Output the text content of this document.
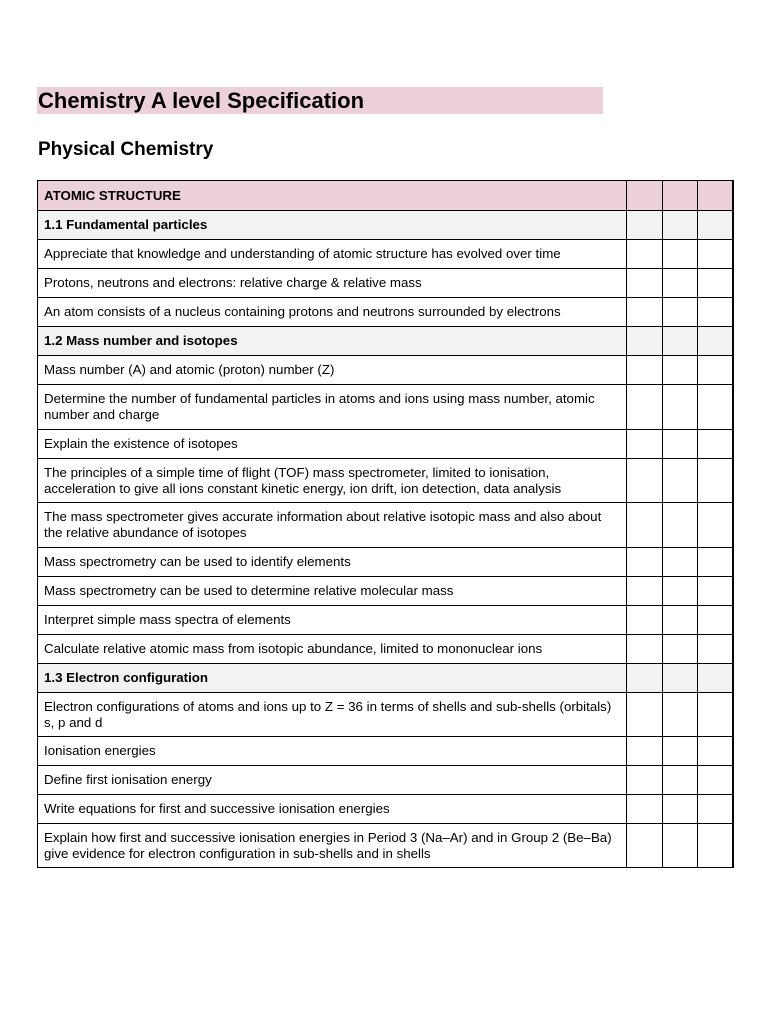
Chemistry A level Specification
Physical Chemistry
ATOMIC STRUCTURE			
1.1 Fundamental particles			
Appreciate that knowledge and understanding of atomic structure has evolved over time			
Protons, neutrons and electrons: relative charge & relative mass			
An atom consists of a nucleus containing protons and neutrons surrounded by electrons			
1.2 Mass number and isotopes			
Mass number (A) and atomic (proton) number (Z)			
Determine the number of fundamental particles in atoms and ions using mass number, atomic number and charge			
Explain the existence of isotopes			
The principles of a simple time of flight (TOF) mass spectrometer, limited to ionisation, acceleration to give all ions constant kinetic energy, ion drift, ion detection, data analysis			
The mass spectrometer gives accurate information about relative isotopic mass and also about the relative abundance of isotopes			
Mass spectrometry can be used to identify elements			
Mass spectrometry can be used to determine relative molecular mass			
Interpret simple mass spectra of elements			
Calculate relative atomic mass from isotopic abundance, limited to mononuclear ions			
1.3 Electron configuration			
Electron configurations of atoms and ions up to Z = 36 in terms of shells and sub-shells (orbitals) s, p and d			
Ionisation energies			
Define first ionisation energy			
Write equations for first and successive ionisation energies			
Explain how first and successive ionisation energies in Period 3 (Na–Ar) and in Group 2 (Be–Ba) give evidence for electron configuration in sub-shells and in shells			
